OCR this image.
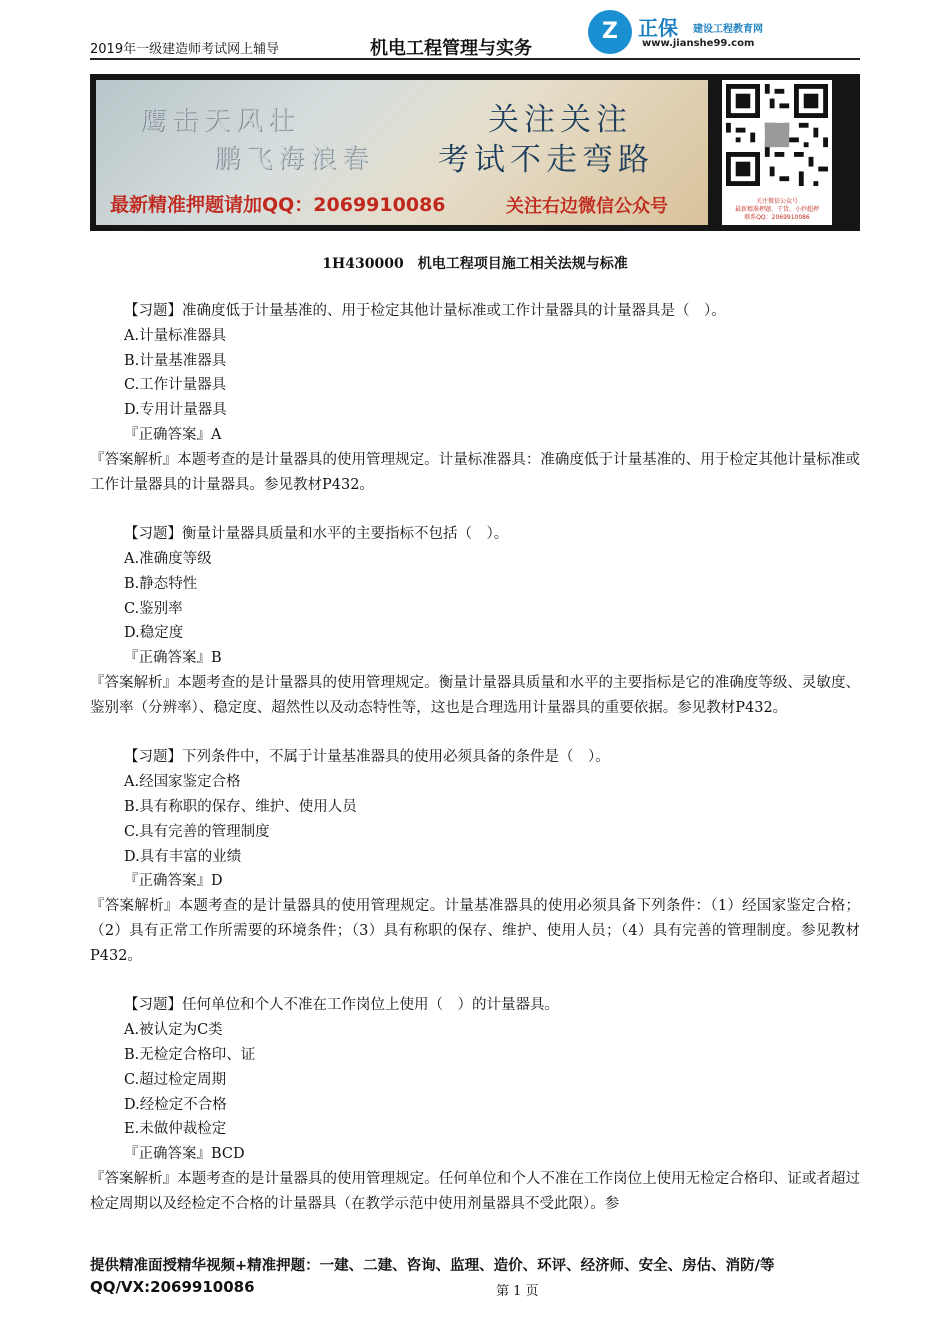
2019年一级建造师考试网上辅导	机电工程管理与实务
Z	正保 建设工程教育网
www.jianshe99.com
鹰击天风壮
鹏飞海浪春
关注关注
考试不走弯路
最新精准押题请加QQ：2069910086	关注右边微信公众号	关注微信公众号
最新精准押题、干货、小抄超押
联系QQ：2069910086
1H430000　机电工程项目施工相关法规与标准

【习题】准确度低于计量基准的、用于检定其他计量标准或工作计量器具的计量器具是（　）。

A.计量标准器具

B.计量基准器具

C.工作计量器具

D.专用计量器具

『正确答案』A

『答案解析』本题考查的是计量器具的使用管理规定。计量标准器具：准确度低于计量基准的、用于检定其他计量标准或工作计量器具的计量器具。参见教材P432。

【习题】衡量计量器具质量和水平的主要指标不包括（　）。

A.准确度等级

B.静态特性

C.鉴别率

D.稳定度

『正确答案』B

『答案解析』本题考查的是计量器具的使用管理规定。衡量计量器具质量和水平的主要指标是它的准确度等级、灵敏度、鉴别率（分辨率）、稳定度、超然性以及动态特性等，这也是合理选用计量器具的重要依据。参见教材P432。

【习题】下列条件中，不属于计量基准器具的使用必须具备的条件是（　）。

A.经国家鉴定合格

B.具有称职的保存、维护、使用人员

C.具有完善的管理制度

D.具有丰富的业绩

『正确答案』D

『答案解析』本题考查的是计量器具的使用管理规定。计量基准器具的使用必须具备下列条件：（1）经国家鉴定合格；（2）具有正常工作所需要的环境条件；（3）具有称职的保存、维护、使用人员；（4）具有完善的管理制度。参见教材P432。

【习题】任何单位和个人不准在工作岗位上使用（　）的计量器具。

A.被认定为C类

B.无检定合格印、证

C.超过检定周期

D.经检定不合格

E.未做仲裁检定

『正确答案』BCD

『答案解析』本题考查的是计量器具的使用管理规定。任何单位和个人不准在工作岗位上使用无检定合格印、证或者超过检定周期以及经检定不合格的计量器具（在教学示范中使用剂量器具不受此限）。参

提供精准面授精华视频+精准押题：一建、二建、咨询、监理、造价、环评、经济师、安全、房估、消防/等
QQ/VX:2069910086	第 1 页
